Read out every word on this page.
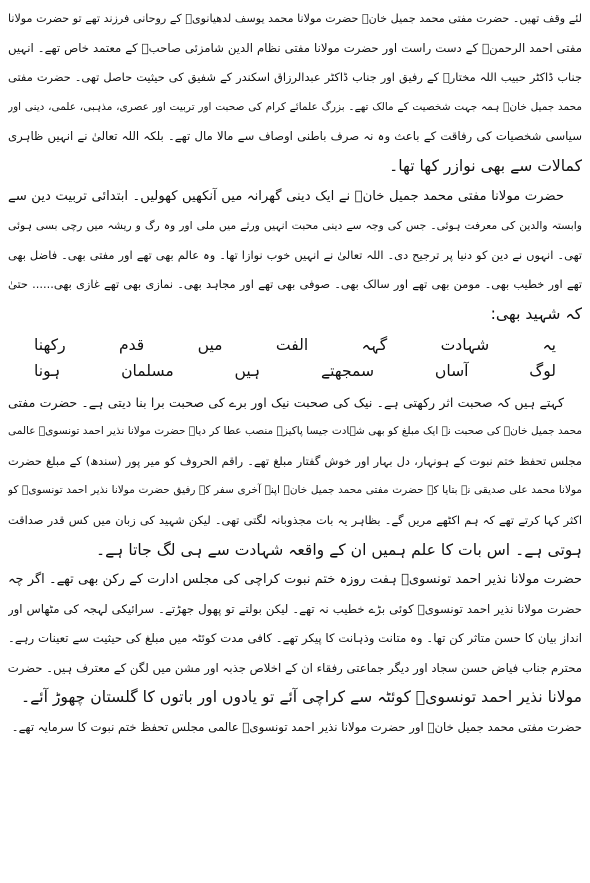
لئے وقف تھیں۔ حضرت مفتی محمد جمیل خانؒ حضرت مولانا محمد یوسف لدھیانویؒ کے روحانی فرزند تھے تو حضرت مولانا
مفتی احمد الرحمنؒ کے دست راست اور حضرت مولانا مفتی نظام الدین شامزئی صاحبؒ کے معتمد خاص تھے۔ انہیں
جناب ڈاکٹر حبیب اللہ مختارؒ کے رفیق اور جناب ڈاکٹر عبدالرزاق اسکندر کے شفیق کی حیثیت حاصل تھی۔ حضرت مفتی
محمد جمیل خانؒ ہمہ جہت شخصیت کے مالک تھے۔ بزرگ علمائے کرام کی صحبت اور تربیت اور عصری، مذہبی، علمی، دینی اور
سیاسی شخصیات کی رفاقت کے باعث وہ نہ صرف باطنی اوصاف سے مالا مال تھے۔ بلکہ اللہ تعالیٰ نے انہیں ظاہری
کمالات سے بھی نوازر کھا تھا۔
حضرت مولانا مفتی محمد جمیل خانؒ نے ایک دینی گھرانہ میں آنکھیں کھولیں۔ ابتدائی تربیت دین سے
وابستہ والدین کی معرفت ہوئی۔ جس کی وجہ سے دینی محبت انہیں ورثے میں ملی اور وہ رگ و ریشہ میں رچی بسی ہوئی
تھی۔ انہوں نے دین کو دنیا پر ترجیح دی۔ اللہ تعالیٰ نے انہیں خوب نوازا تھا۔ وہ عالم بھی تھے اور مفتی بھی۔ فاضل بھی
تھے اور خطیب بھی۔ مومن بھی تھے اور سالک بھی۔ صوفی بھی تھے اور مجاہد بھی۔ نمازی بھی تھے غازی بھی...... حتیٰ
کہ شہید بھی:
یہ
شہادت
گہہ
الفت
میں
قدم
رکھنا
لوگ
آساں
سمجھتے
ہیں
مسلمان
ہونا
کہتے ہیں کہ صحبت اثر رکھتی ہے۔ نیک کی صحبت نیک اور برے کی صحبت برا بنا دیتی ہے۔ حضرت مفتی
محمد جمیل خانؒ کی صحبت نے ایک مبلغ کو بھی شہادت جیسا پاکیزہ منصب عطا کر دیا۔ حضرت مولانا نذیر احمد تونسویؒ عالمی
مجلس تحفظ ختم نبوت کے ہونہار، دل بہار اور خوش گفتار مبلغ تھے۔ راقم الحروف کو میر پور (سندھ) کے مبلغ حضرت
مولانا محمد علی صدیقی نے بتایا کہ حضرت مفتی محمد جمیل خانؒ اپنے آخری سفر کے رفیق حضرت مولانا نذیر احمد تونسویؒ کو
اکثر کہا کرتے تھے کہ ہم اکٹھے مریں گے۔ بظاہر یہ بات مجذوبانہ لگتی تھی۔ لیکن شہید کی زبان میں کس قدر صداقت
ہوتی ہے۔ اس بات کا علم ہمیں ان کے واقعہ شہادت سے ہی لگ جاتا ہے۔
حضرت مولانا نذیر احمد تونسویؒ ہفت روزہ ختم نبوت کراچی کی مجلس ادارت کے رکن بھی تھے۔ اگر چہ
حضرت مولانا نذیر احمد تونسویؒ کوئی بڑے خطیب نہ تھے۔ لیکن بولتے تو پھول جھڑتے۔ سرائیکی لہجہ کی مٹھاس اور
انداز بیان کا حسن متاثر کن تھا۔ وہ متانت وذہانت کا پیکر تھے۔ کافی مدت کوئٹہ میں مبلغ کی حیثیت سے تعینات رہے۔
محترم جناب فیاض حسن سجاد اور دیگر جماعتی رفقاء ان کے اخلاص جذبہ اور مشن میں لگن کے معترف ہیں۔ حضرت
مولانا نذیر احمد تونسویؒ کوئٹہ سے کراچی آئے تو یادوں اور باتوں کا گلستان چھوڑ آئے۔
حضرت مفتی محمد جمیل خانؒ اور حضرت مولانا نذیر احمد تونسویؒ عالمی مجلس تحفظ ختم نبوت کا سرمایہ تھے۔
